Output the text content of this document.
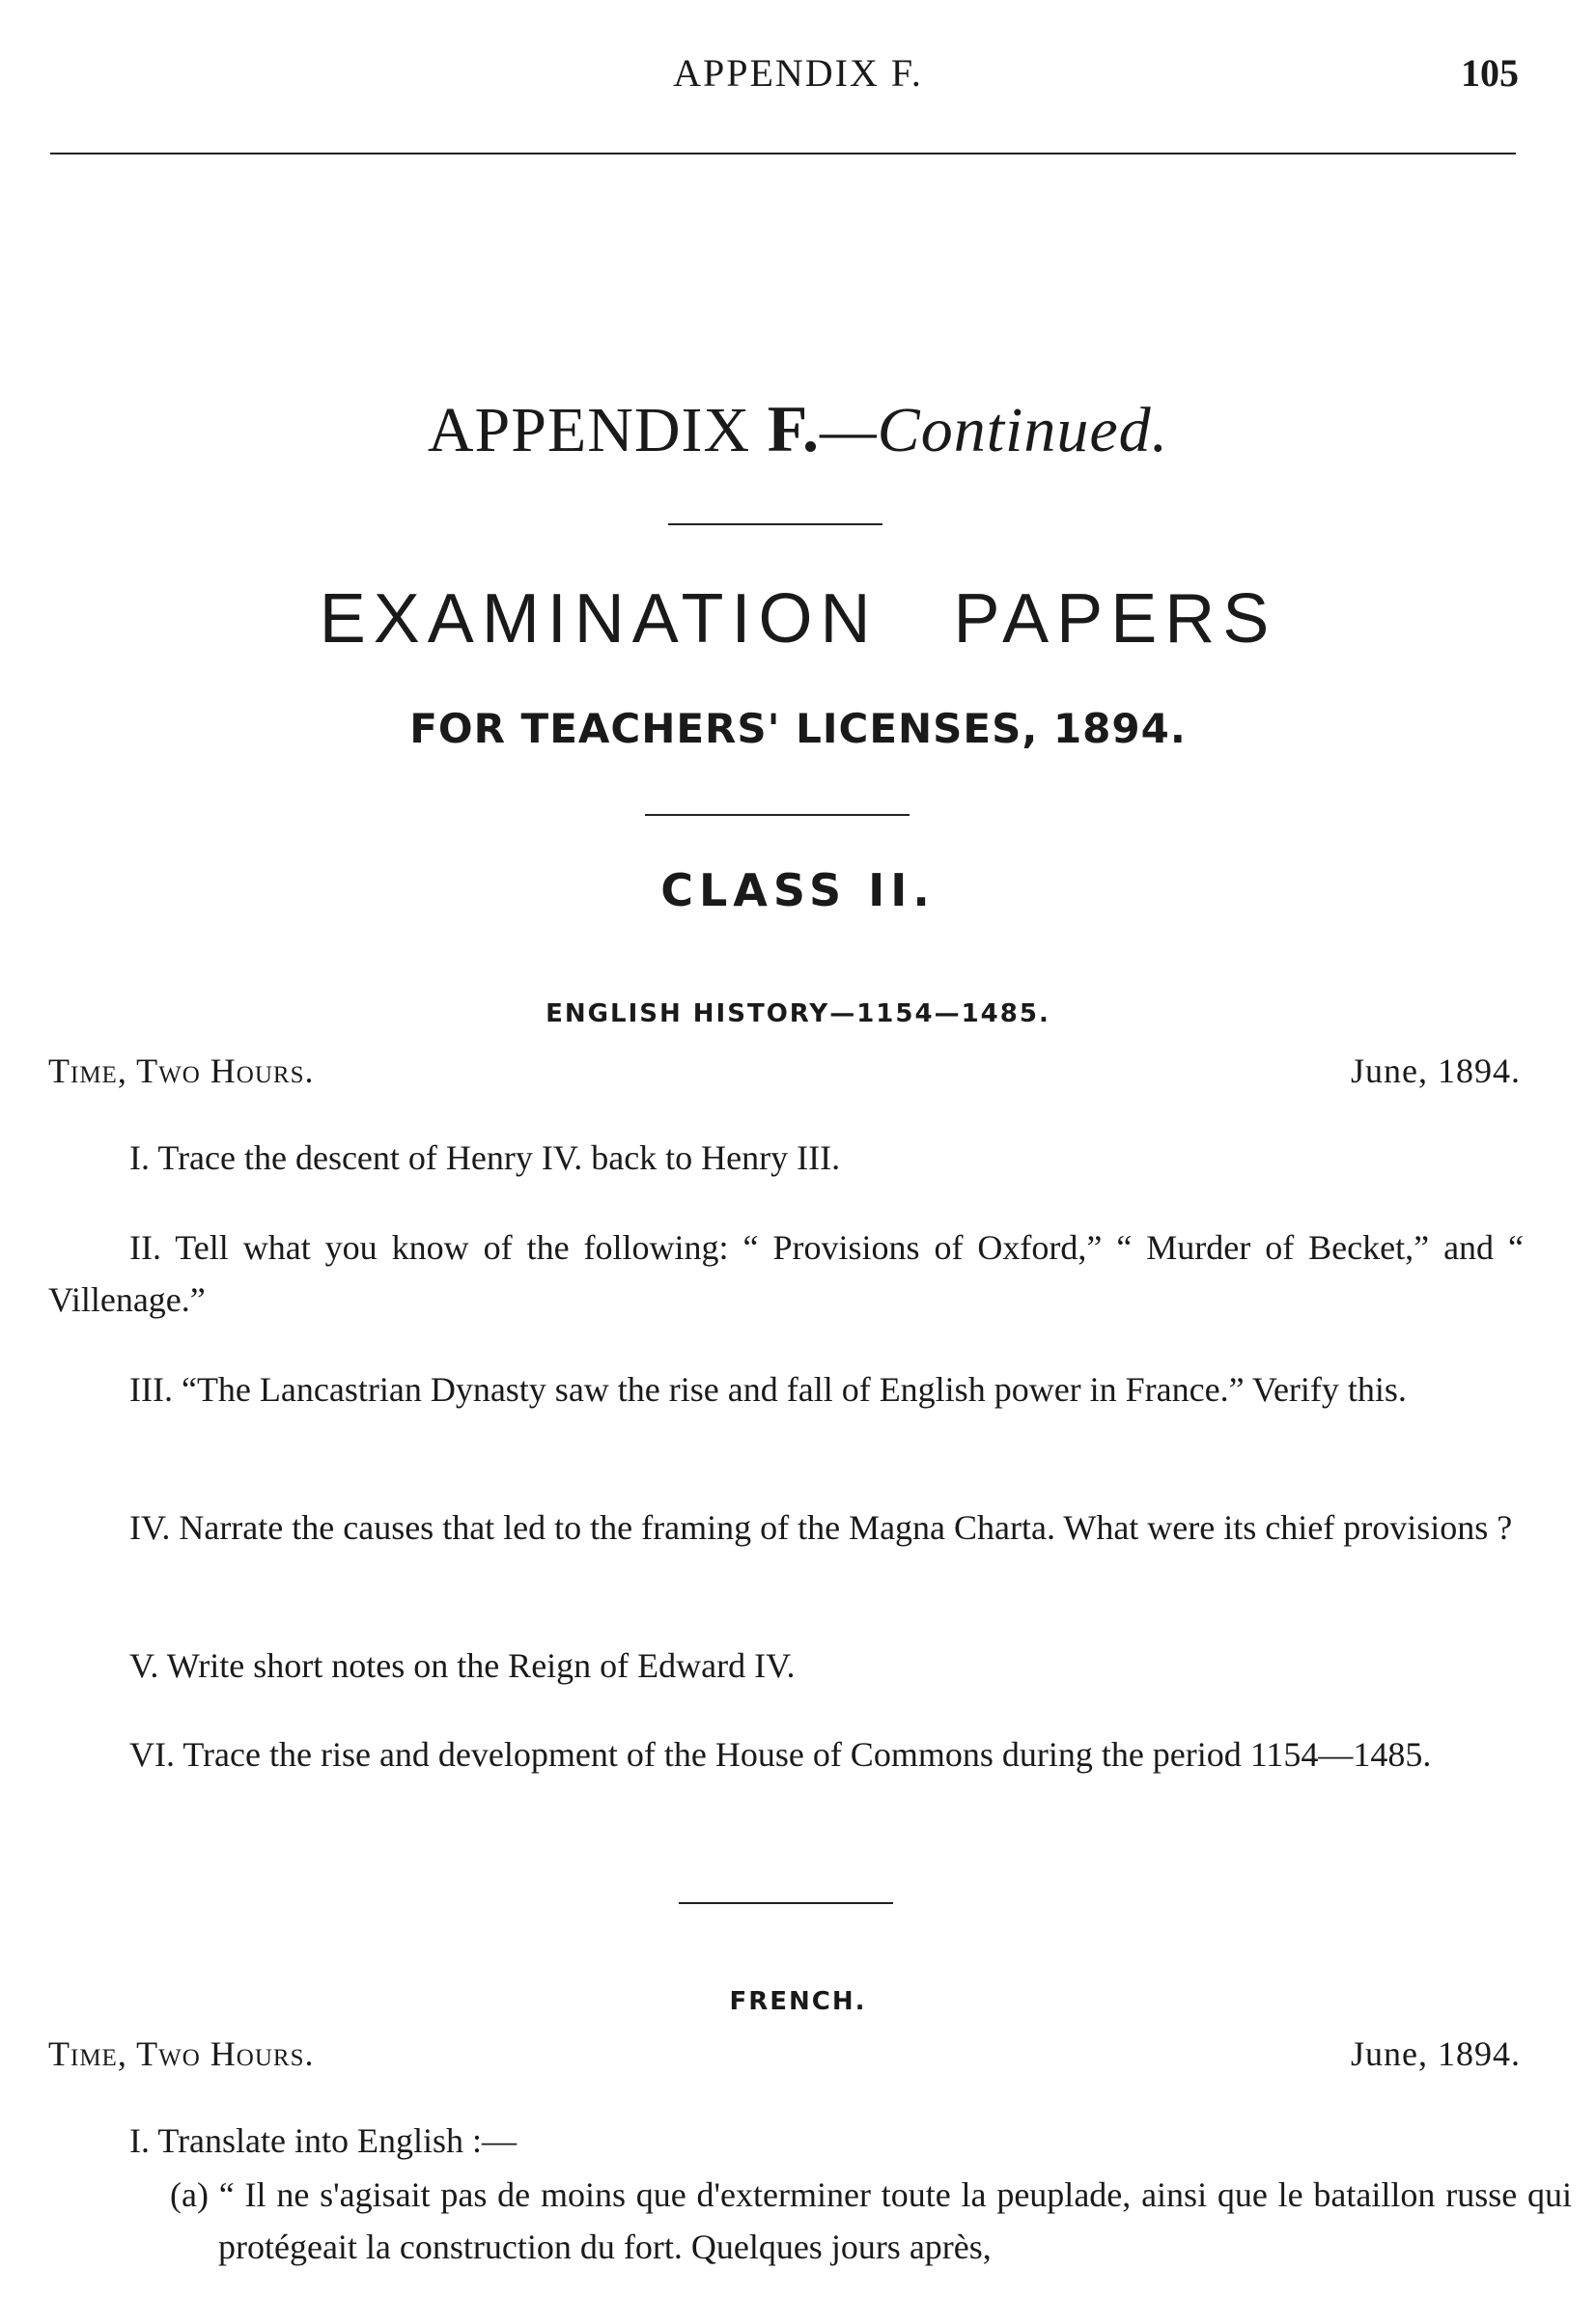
APPENDIX F.	105
APPENDIX F.—Continued.
EXAMINATION PAPERS
FOR TEACHERS' LICENSES, 1894.
CLASS II.
ENGLISH HISTORY—1154—1485.
Time, Two Hours.	June, 1894.

I. Trace the descent of Henry IV. back to Henry III.

II. Tell what you know of the following: “ Provisions of Oxford,” “ Murder of Becket,” and “ Villenage.”

III. “The Lancastrian Dynasty saw the rise and fall of English power in France.” Verify this.

IV. Narrate the causes that led to the framing of the Magna Charta. What were its chief provisions ?

V. Write short notes on the Reign of Edward IV.

VI. Trace the rise and development of the House of Commons during the period 1154—1485.

FRENCH.
Time, Two Hours.	June, 1894.

I. Translate into English :—

(a) “ Il ne s'agisait pas de moins que d'exterminer toute la peuplade, ainsi que le bataillon russe qui protégeait la construction du fort. Quelques jours après,
